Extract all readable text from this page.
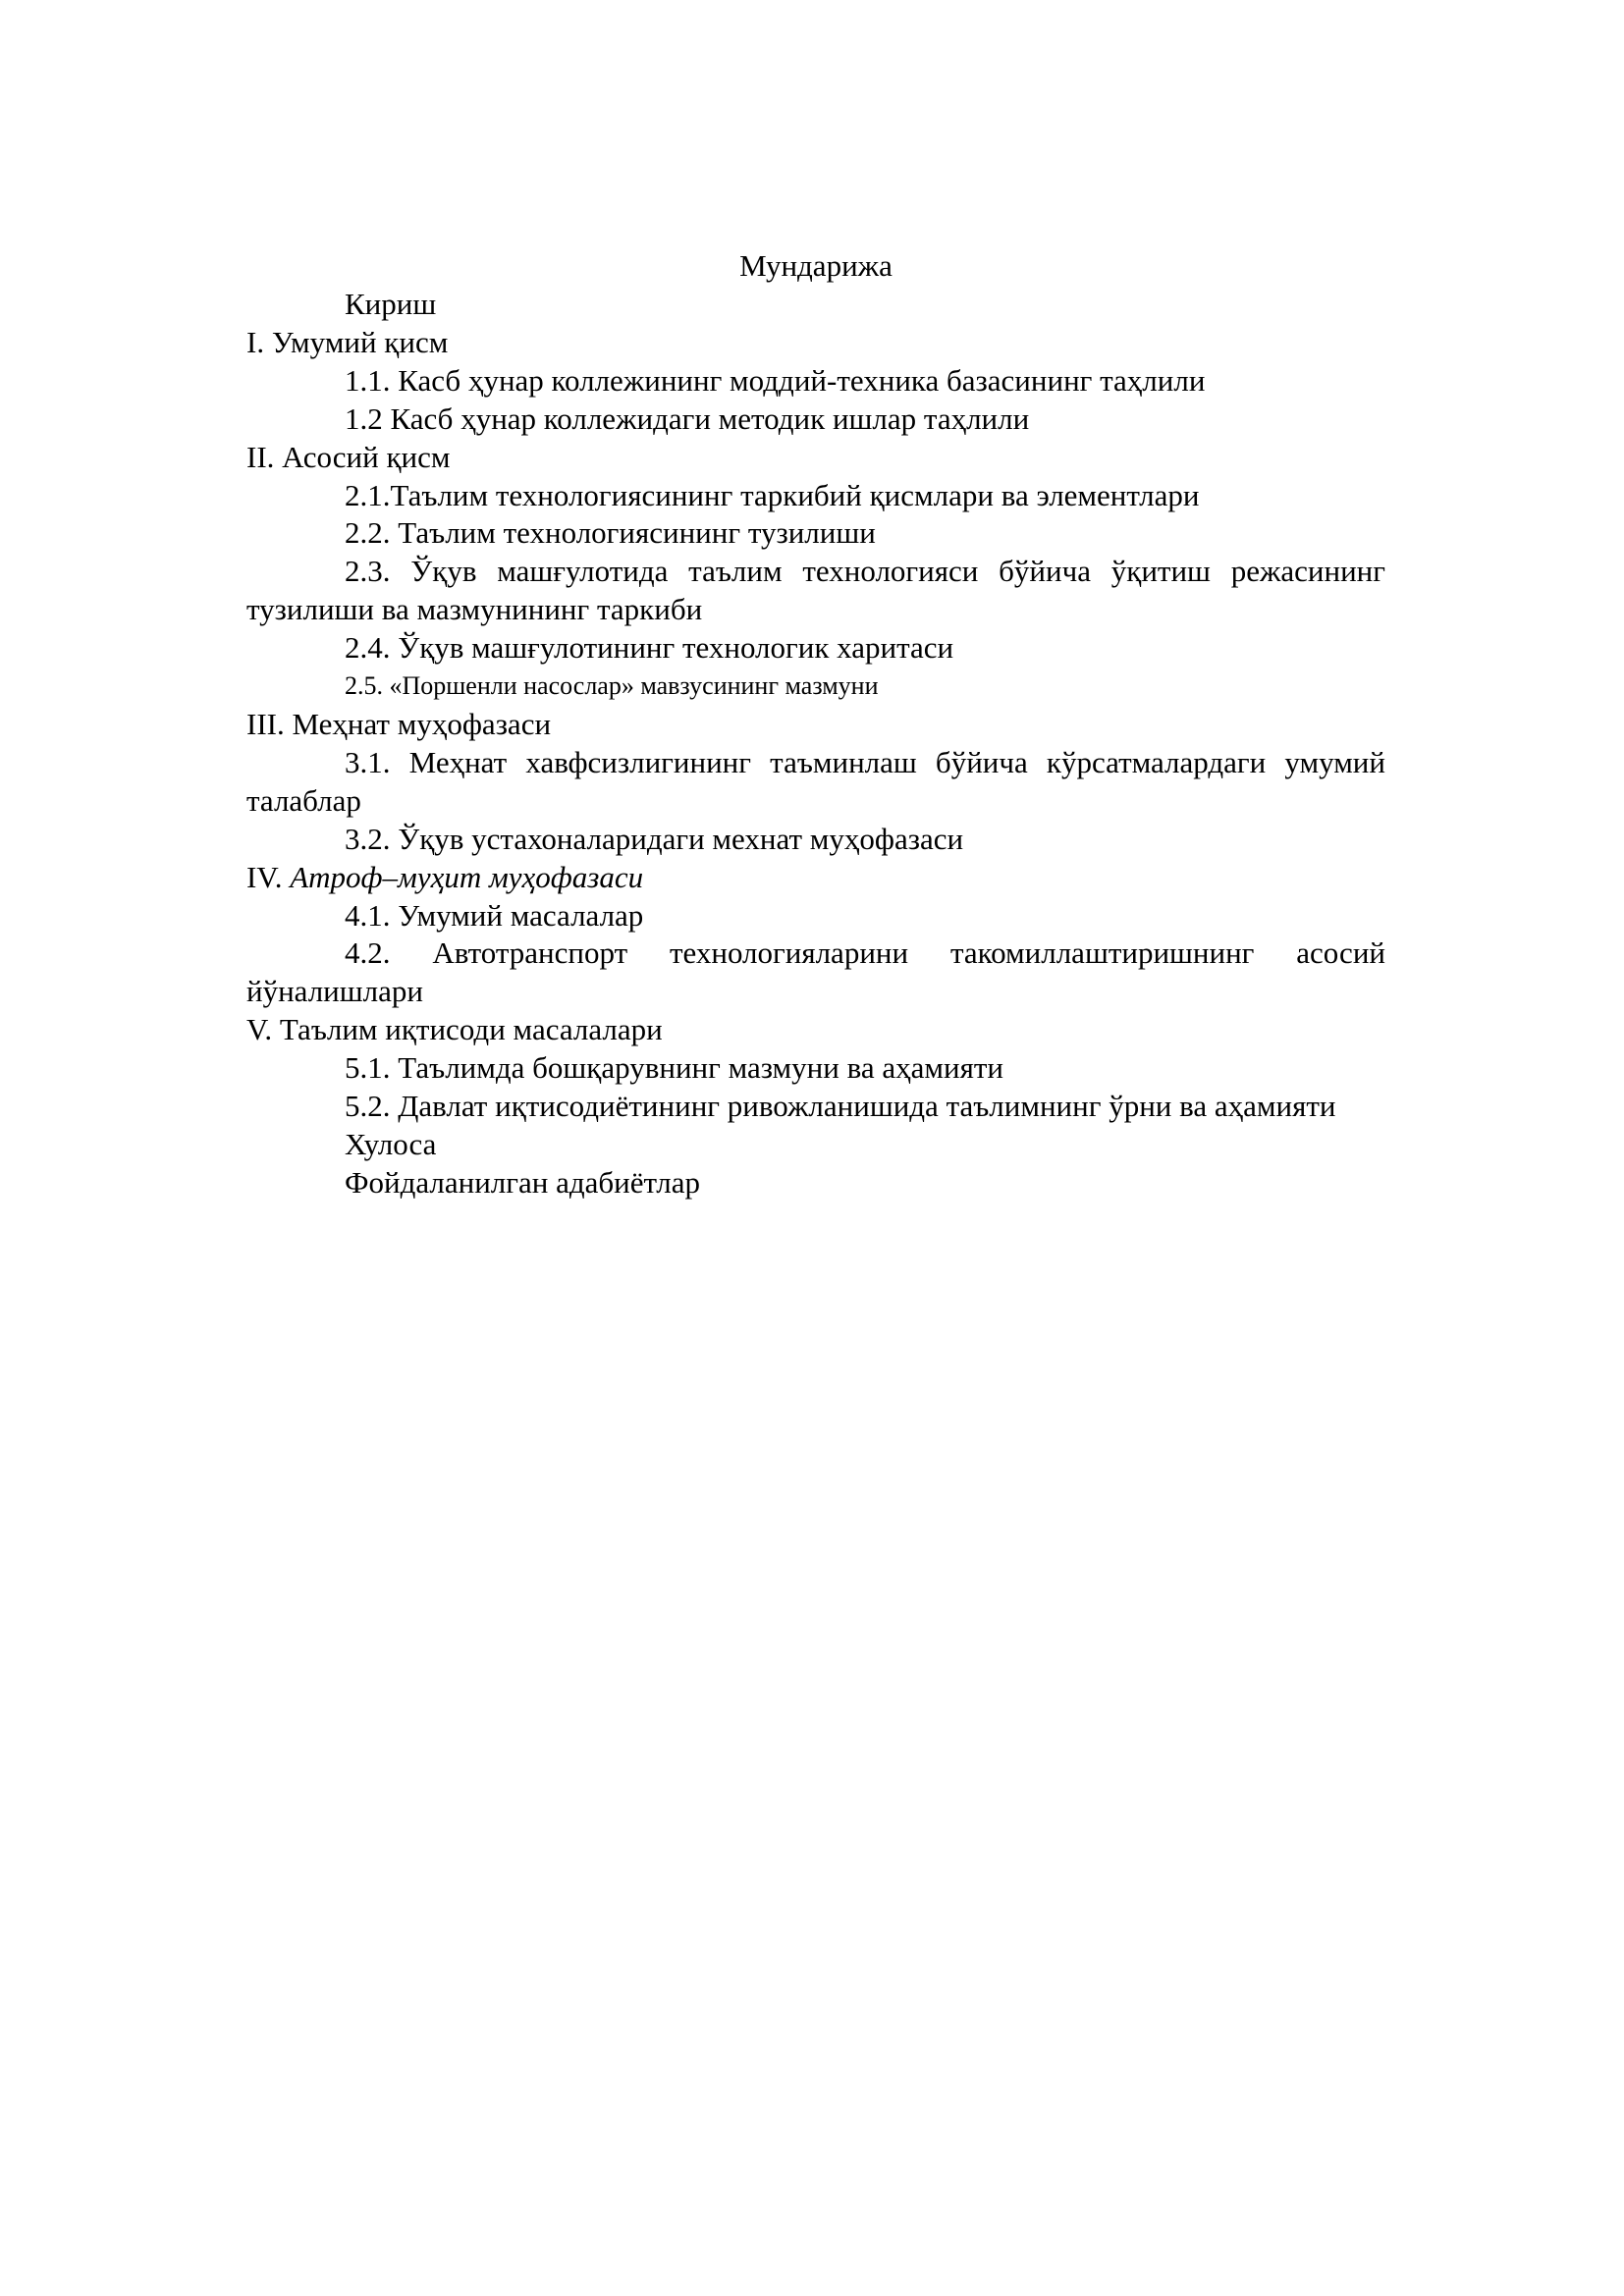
Мундарижа

Кириш

I. Умумий қисм

1.1. Касб ҳунар коллежининг моддий-техника базасининг таҳлили

1.2 Касб ҳунар коллежидаги методик ишлар таҳлили

II. Асосий қисм

2.1.Таълим технологиясининг таркибий қисмлари ва элементлари

2.2. Таълим технологиясининг тузилиши

2.3. Ўқув машғулотида таълим технологияси бўйича ўқитиш режасининг тузилиши ва мазмунининг таркиби

2.4. Ўқув машғулотининг технологик харитаси

2.5. «Поршенли насослар» мавзусининг мазмуни

III. Меҳнат муҳофазаси

3.1. Меҳнат хавфсизлигининг таъминлаш бўйича кўрсатмалардаги умумий талаблар

3.2. Ўқув устахоналаридаги мехнат муҳофазаси

IV. Атроф–муҳит муҳофазаси

4.1. Умумий масалалар

4.2. Автотранспорт технологияларини такомиллаштиришнинг асосий йўналишлари

V. Таълим иқтисоди масалалари

5.1. Таълимда бошқарувнинг мазмуни ва аҳамияти

5.2. Давлат иқтисодиётининг ривожланишида таълимнинг ўрни ва аҳамияти

Хулоса

Фойдаланилган адабиётлар
